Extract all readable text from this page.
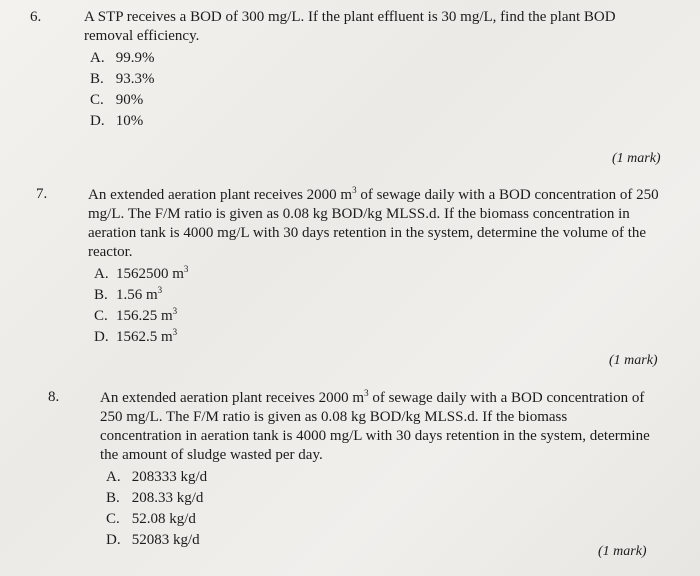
6.	A STP receives a BOD of 300 mg/L. If the plant effluent is 30 mg/L, find the plant BOD removal efficiency.

A. 99.9%
B. 93.3%
C. 90%
D. 10%
(1 mark)
7.	An extended aeration plant receives 2000 $m^3$ of sewage daily with a BOD concentration of 250 mg/L. The F/M ratio is given as 0.08 kg BOD/kg MLSS.d. If the biomass concentration in aeration tank is 4000 mg/L with 30 days retention in the system, determine the volume of the reactor.

A. 1562500 $m^3$
B. 1.56 $m^3$
C. 156.25 $m^3$
D. 1562.5 $m^3$
(1 mark)
8.	An extended aeration plant receives 2000 $m^3$ of sewage daily with a BOD concentration of 250 mg/L. The F/M ratio is given as 0.08 kg BOD/kg MLSS.d. If the biomass concentration in aeration tank is 4000 mg/L with 30 days retention in the system, determine the amount of sludge wasted per day.

A. 208333 kg/d
B. 208.33 kg/d
C. 52.08 kg/d
D. 52083 kg/d
(1 mark)
